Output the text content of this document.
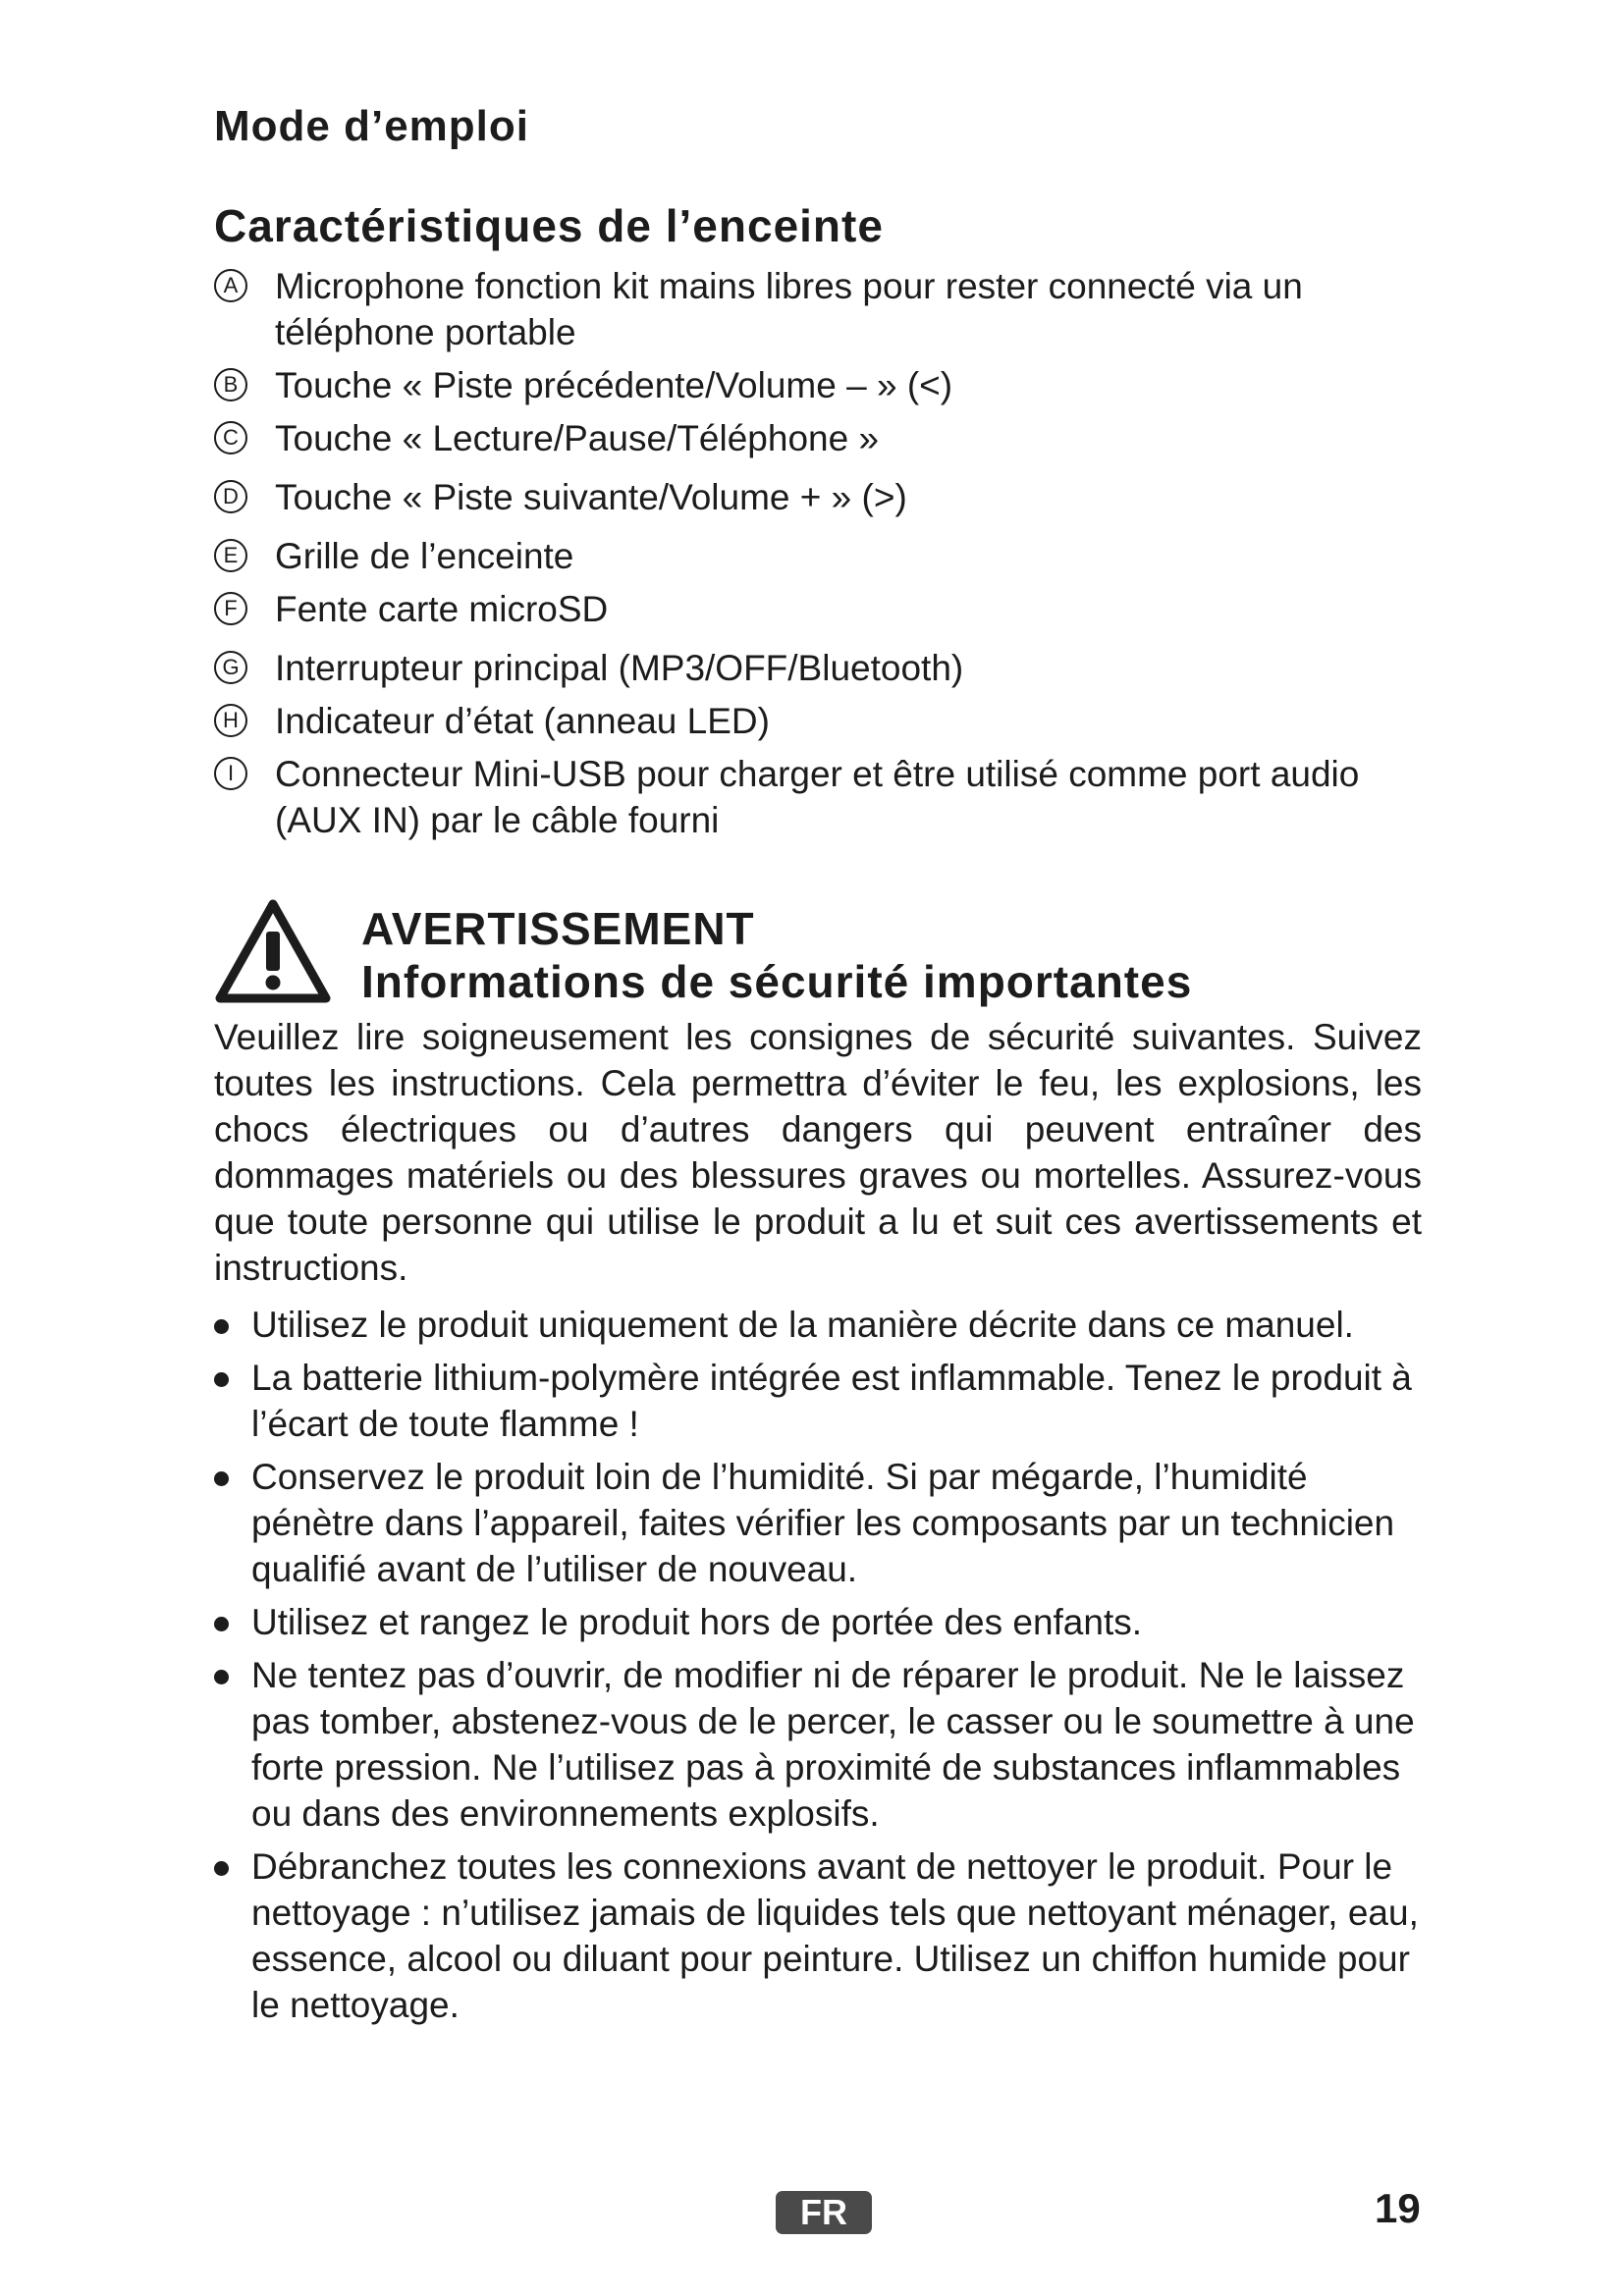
Mode d’emploi
Caractéristiques de l’enceinte
A Microphone fonction kit mains libres pour rester connecté via un téléphone portable
B Touche « Piste précédente/Volume – » (<)
C Touche « Lecture/Pause/Téléphone »
D Touche « Piste suivante/Volume + » (>)
E Grille de l’enceinte
F Fente carte microSD
G Interrupteur principal (MP3/OFF/Bluetooth)
H Indicateur d’état (anneau LED)
I	Connecteur Mini-USB pour charger et être utilisé comme port audio (AUX IN) par le câble fourni
AVERTISSEMENT
Informations de sécurité importantes

Veuillez lire soigneusement les consignes de sécurité suivantes. Suivez toutes les instructions. Cela permettra d’éviter le feu, les explosions, les chocs électriques ou d’autres dangers qui peuvent entraîner des dommages matériels ou des blessures graves ou mortelles. Assurez-vous que toute personne qui utilise le produit a lu et suit ces avertissements et instructions.

Utilisez le produit uniquement de la manière décrite dans ce manuel.
La batterie lithium-polymère intégrée est inflammable. Tenez le produit à l’écart de toute flamme !
Conservez le produit loin de l’humidité. Si par mégarde, l’humidité pénètre dans l’appareil, faites vérifier les composants par un technicien qualifié avant de l’utiliser de nouveau.
Utilisez et rangez le produit hors de portée des enfants.
Ne tentez pas d’ouvrir, de modifier ni de réparer le produit. Ne le laissez pas tomber, abstenez-vous de le percer, le casser ou le soumettre à une forte pression. Ne l’utilisez pas à proximité de substances inflammables ou dans des environnements explosifs.
Débranchez toutes les connexions avant de nettoyer le produit. Pour le nettoyage : n’utilisez jamais de liquides tels que nettoyant ménager, eau, essence, alcool ou diluant pour peinture. Utilisez un chiffon humide pour le nettoyage.
FR	19
